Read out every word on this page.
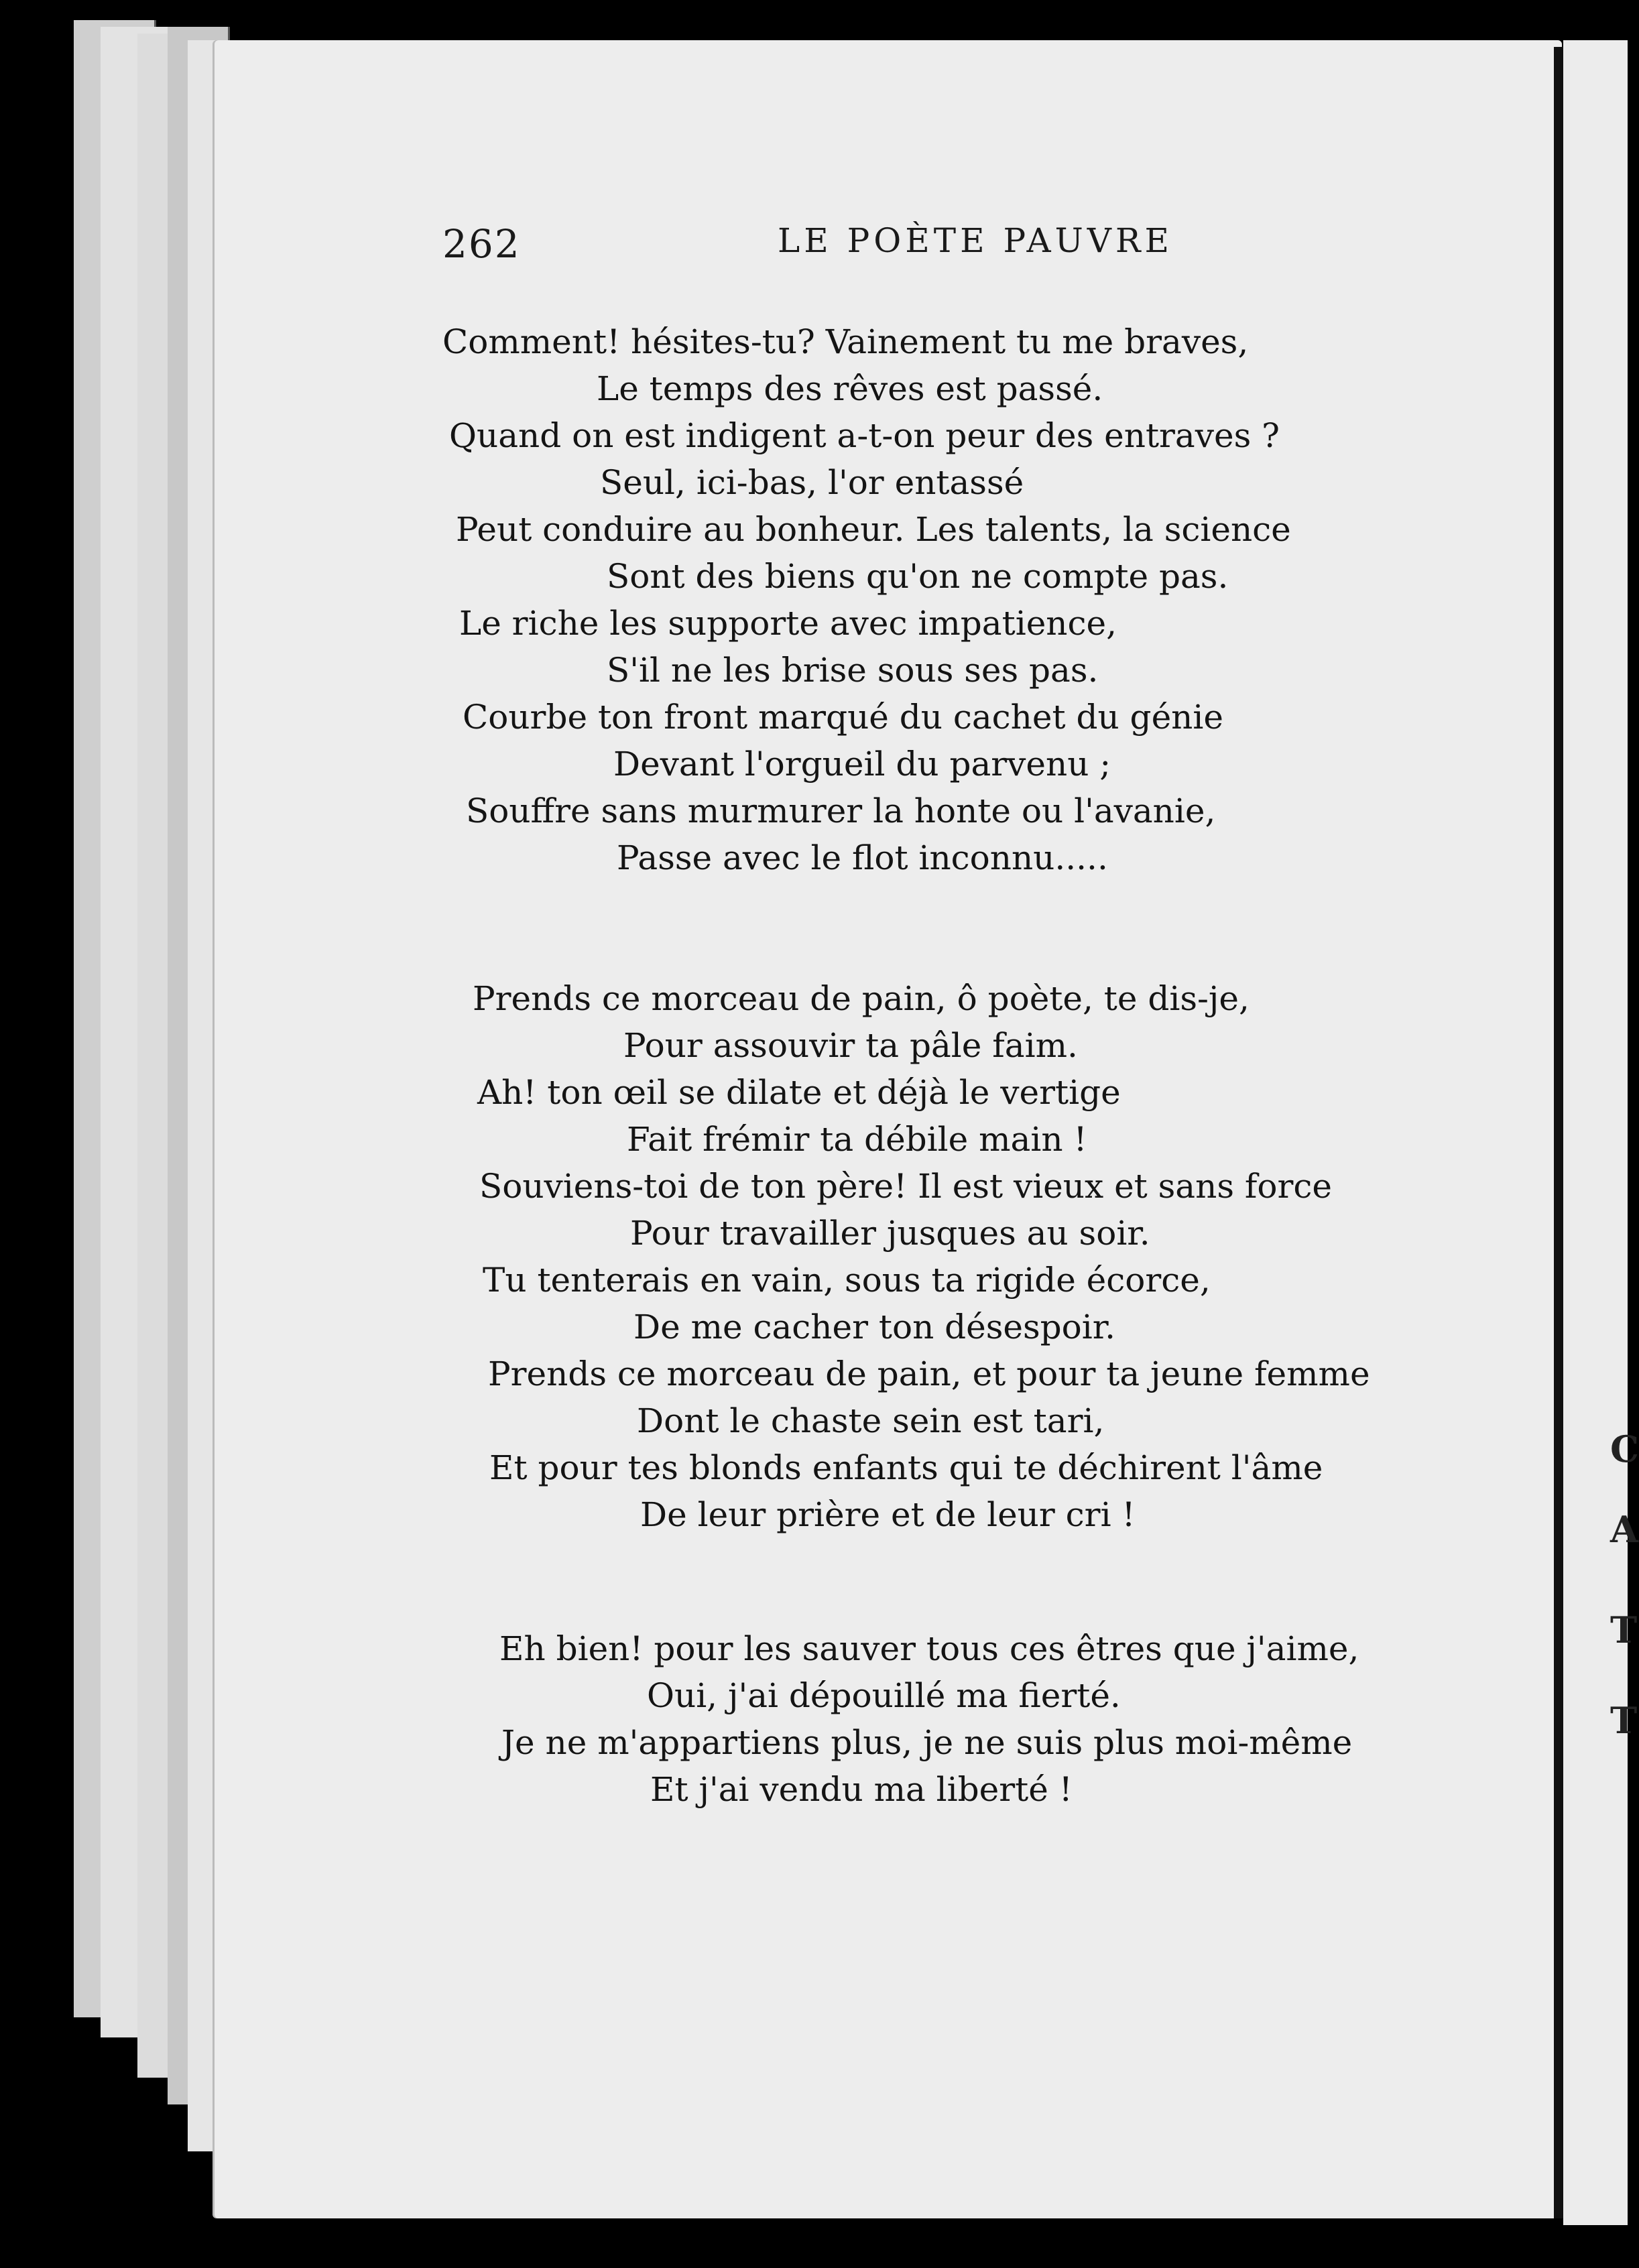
C
A
T
T
262	LE POÈTE PAUVRE
Comment! hésites-tu? Vainement tu me braves,
Le temps des rêves est passé.
Quand on est indigent a-t-on peur des entraves ?
Seul, ici-bas, l'or entassé
Peut conduire au bonheur. Les talents, la science
Sont des biens qu'on ne compte pas.
Le riche les supporte avec impatience,
S'il ne les brise sous ses pas.
Courbe ton front marqué du cachet du génie
Devant l'orgueil du parvenu ;
Souffre sans murmurer la honte ou l'avanie,
Passe avec le flot inconnu.....
Prends ce morceau de pain, ô poète, te dis-je,
Pour assouvir ta pâle faim.
Ah! ton œil se dilate et déjà le vertige
Fait frémir ta débile main !
Souviens-toi de ton père! Il est vieux et sans force
Pour travailler jusques au soir.
Tu tenterais en vain, sous ta rigide écorce,
De me cacher ton désespoir.
Prends ce morceau de pain, et pour ta jeune femme
Dont le chaste sein est tari,
Et pour tes blonds enfants qui te déchirent l'âme
De leur prière et de leur cri !
Eh bien! pour les sauver tous ces êtres que j'aime,
Oui, j'ai dépouillé ma fierté.
Je ne m'appartiens plus, je ne suis plus moi-même
Et j'ai vendu ma liberté !
